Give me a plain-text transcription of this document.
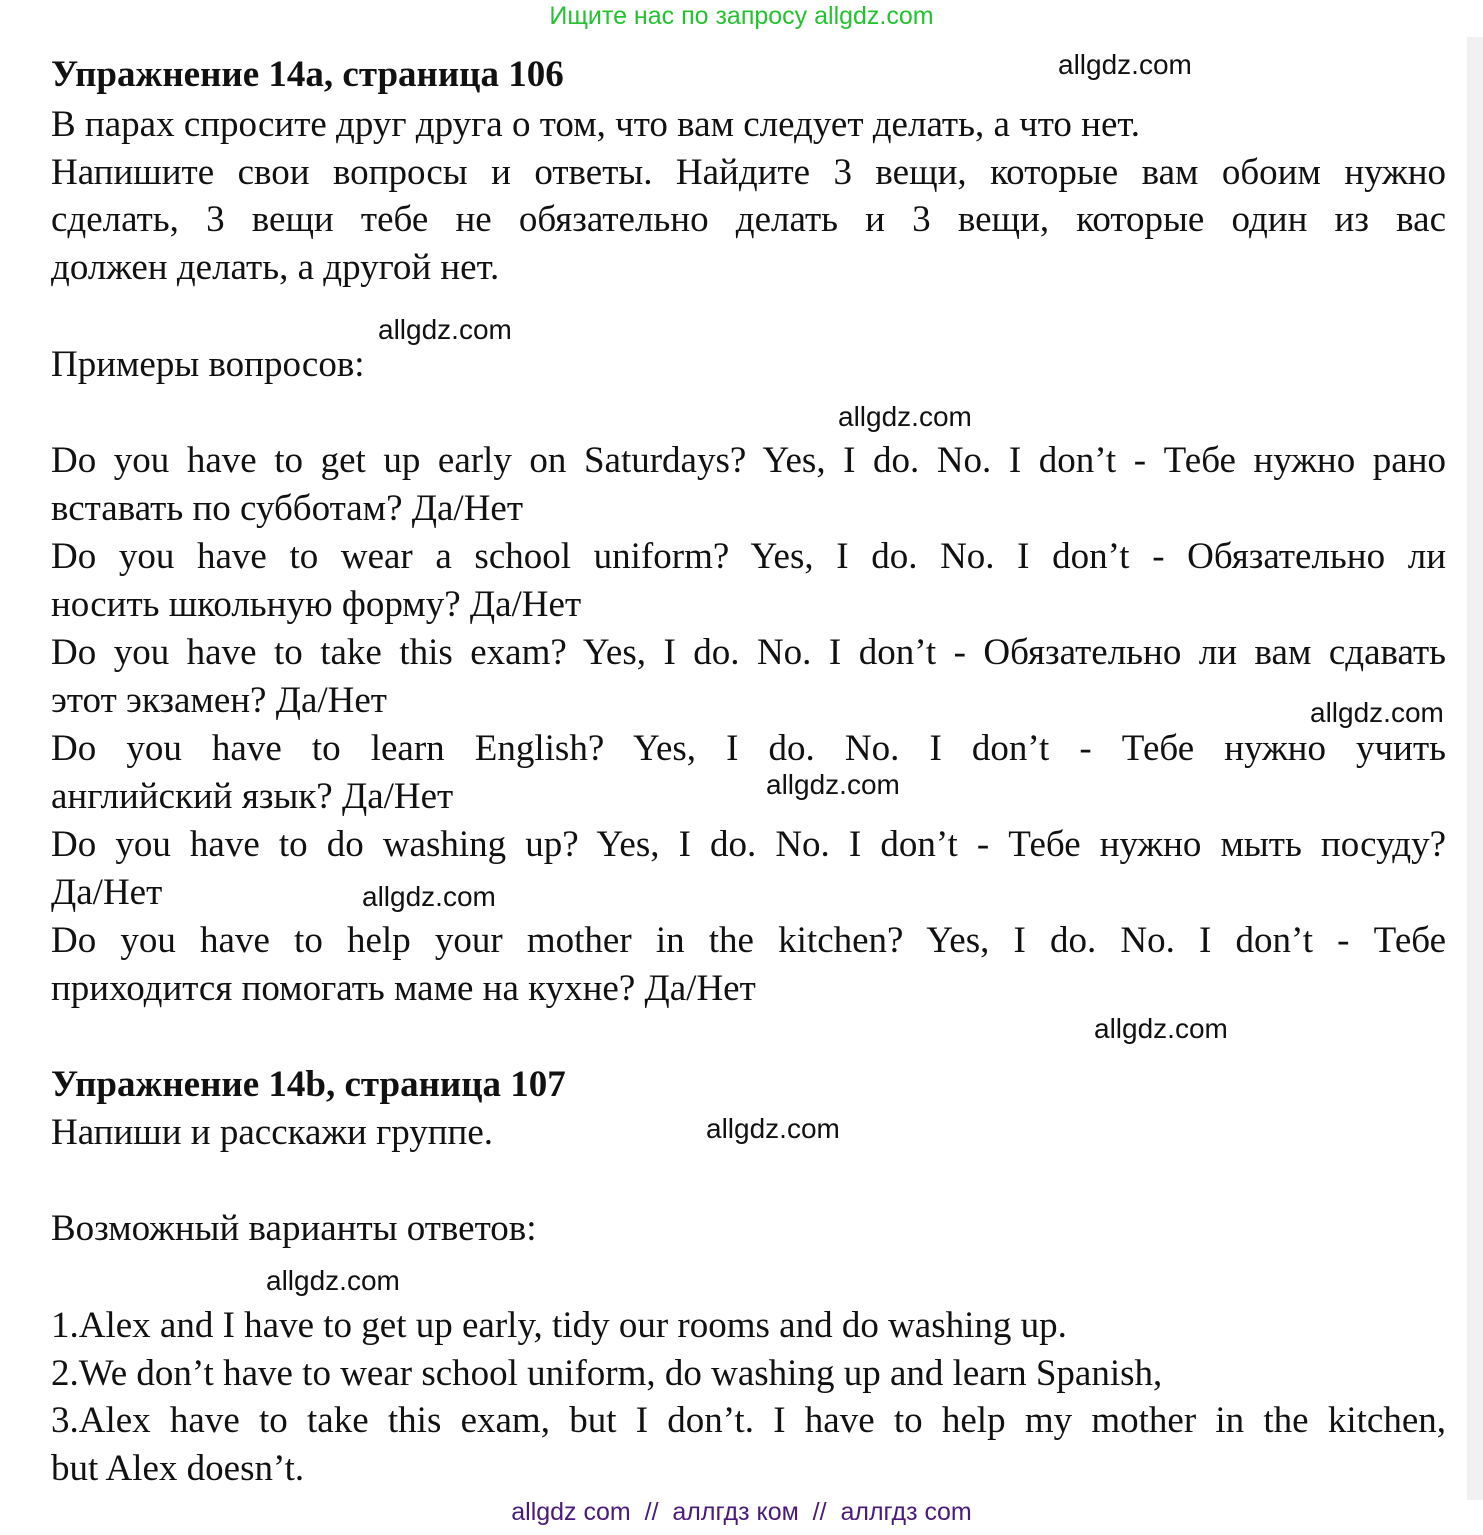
Ищите нас по запросу allgdz.com
Упражнение 14a, страница 106
В парах спросите друг друга о том, что вам следует делать, а что нет.
Напишите свои вопросы и ответы. Найдите 3 вещи, которые вам обоим нужно
сделать, 3 вещи тебе не обязательно делать и 3 вещи, которые один из вас
должен делать, а другой нет.
Примеры вопросов:
Do you have to get up early on Saturdays? Yes, I do. No. I don’t - Тебе нужно рано
вставать по субботам? Да/Нет
Do you have to wear a school uniform? Yes, I do. No. I don’t - Обязательно ли
носить школьную форму? Да/Нет
Do you have to take this exam? Yes, I do. No. I don’t - Обязательно ли вам сдавать
этот экзамен? Да/Нет
Do you have to learn English? Yes, I do. No. I don’t - Тебе нужно учить
английский язык? Да/Нет
Do you have to do washing up? Yes, I do. No. I don’t - Тебе нужно мыть посуду?
Да/Нет
Do you have to help your mother in the kitchen? Yes, I do. No. I don’t - Тебе
приходится помогать маме на кухне? Да/Нет
Упражнение 14b, страница 107
Напиши и расскажи группе.
Возможный варианты ответов:
1.Alex and I have to get up early, tidy our rooms and do washing up.
2.We don’t have to wear school uniform, do washing up and learn Spanish,
3.Alex have to take this exam, but I don’t. I have to help my mother in the kitchen,
but Alex doesn’t.
allgdz.com
allgdz.com
allgdz.com
allgdz.com
allgdz.com
allgdz.com
allgdz.com
allgdz.com
allgdz.com
allgdz com  //  аллгдз ком  //  аллгдз com
